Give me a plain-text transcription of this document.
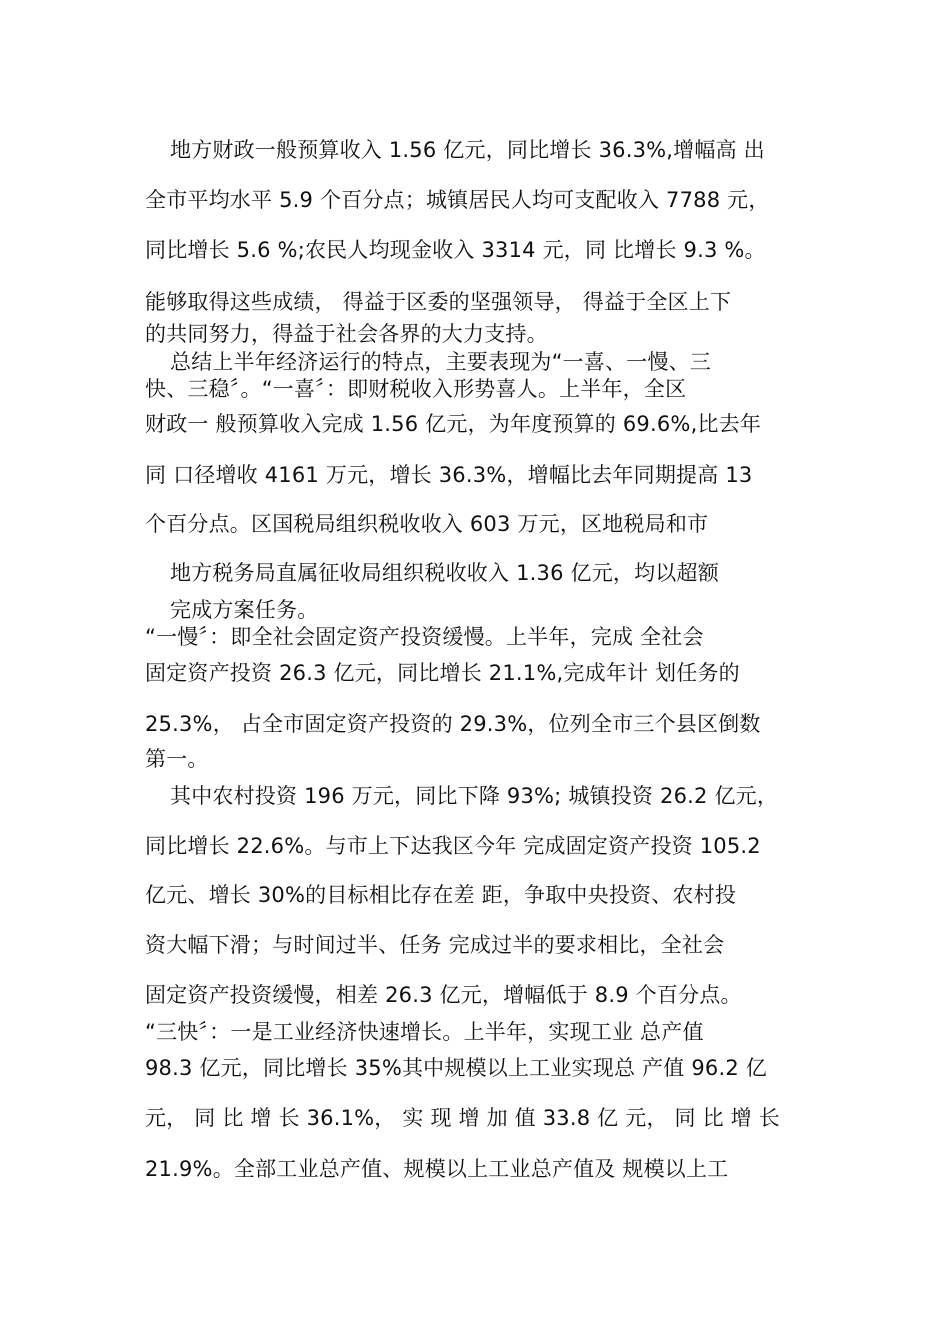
地方财政一般预算收入 1.56 亿元，同比增长 36.3%,增幅高 出
全市平均水平 5.9 个百分点；城镇居民人均可支配收入 7788 元，
同比增长 5.6 %;农民人均现金收入 3314 元，同 比增长 9.3 %。
能够取得这些成绩， 得益于区委的坚强领导， 得益于全区上下
的共同努力，得益于社会各界的大力支持。
总结上半年经济运行的特点，主要表现为“一喜、一慢、三
快、三稳〞。“一喜〞：即财税收入形势喜人。上半年，全区
财政一 般预算收入完成 1.56 亿元，为年度预算的 69.6%,比去年
同 口径增收 4161 万元，增长 36.3%，增幅比去年同期提高 13
个百分点。区国税局组织税收收入 603 万元，区地税局和市
地方税务局直属征收局组织税收收入 1.36 亿元，均以超额
完成方案任务。
“一慢〞：即全社会固定资产投资缓慢。上半年，完成 全社会
固定资产投资 26.3 亿元，同比增长 21.1%,完成年计 划任务的
25.3%， 占全市固定资产投资的 29.3%，位列全市三个县区倒数
第一。
其中农村投资 196 万元，同比下降 93%; 城镇投资 26.2 亿元，
同比增长 22.6%。与市上下达我区今年 完成固定资产投资 105.2
亿元、增长 30%的目标相比存在差 距，争取中央投资、农村投
资大幅下滑；与时间过半、任务 完成过半的要求相比，全社会
固定资产投资缓慢，相差 26.3 亿元，增幅低于 8.9 个百分点。
“三快〞：一是工业经济快速增长。上半年，实现工业 总产值
98.3 亿元，同比增长 35%其中规模以上工业实现总 产值 96.2 亿
元， 同 比 增 长 36.1%， 实 现 增 加 值 33.8 亿 元， 同 比 增 长
21.9%。全部工业总产值、规模以上工业总产值及 规模以上工
